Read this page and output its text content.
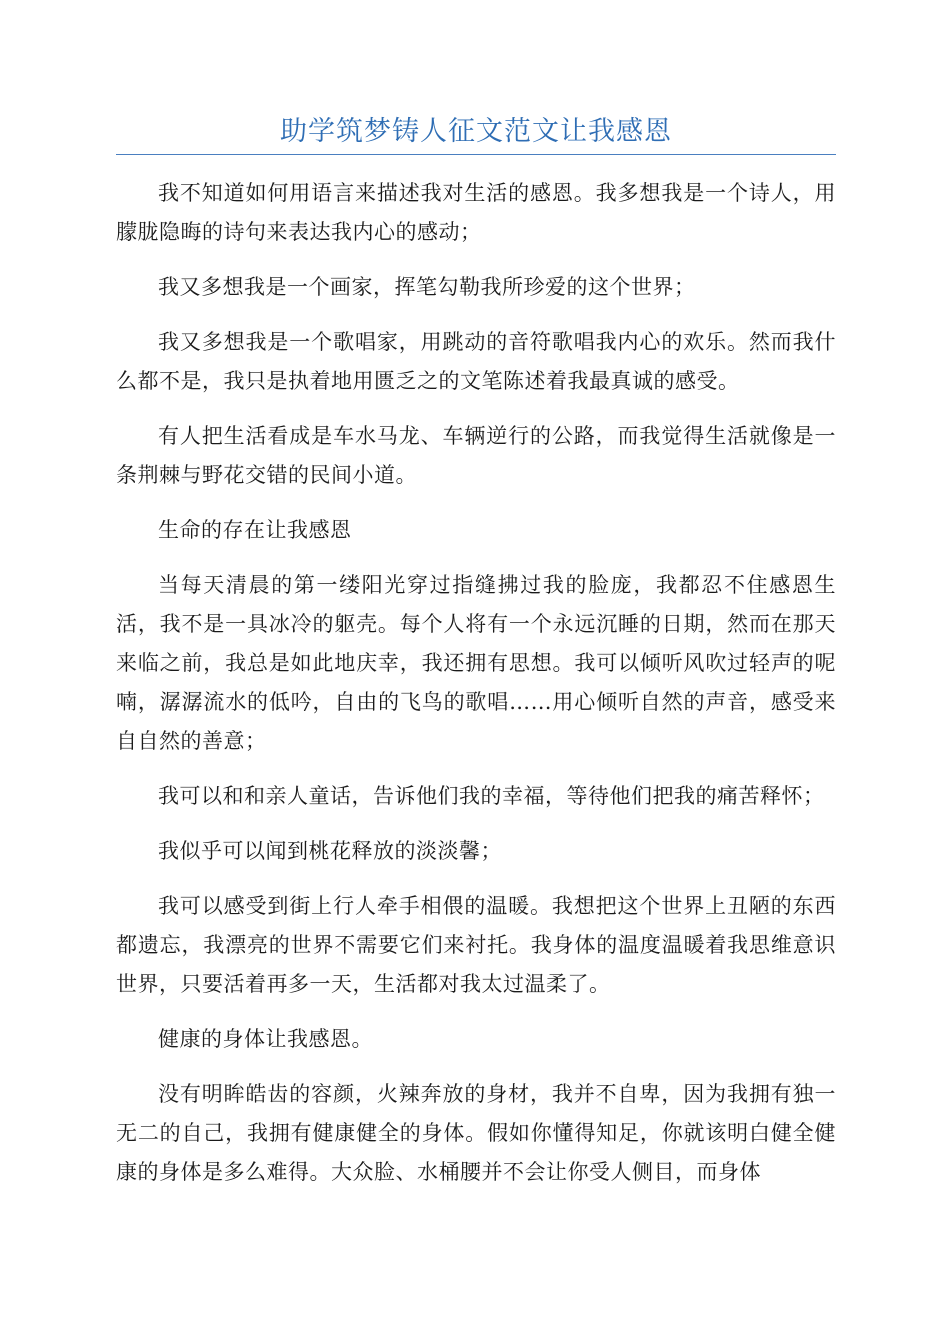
助学筑梦铸人征文范文让我感恩

我不知道如何用语言来描述我对生活的感恩。我多想我是一个诗人，用朦胧隐晦的诗句来表达我内心的感动；

我又多想我是一个画家，挥笔勾勒我所珍爱的这个世界；

我又多想我是一个歌唱家，用跳动的音符歌唱我内心的欢乐。然而我什么都不是，我只是执着地用匮乏之的文笔陈述着我最真诚的感受。

有人把生活看成是车水马龙、车辆逆行的公路，而我觉得生活就像是一条荆棘与野花交错的民间小道。

生命的存在让我感恩

当每天清晨的第一缕阳光穿过指缝拂过我的脸庞，我都忍不住感恩生活，我不是一具冰冷的躯壳。每个人将有一个永远沉睡的日期，然而在那天来临之前，我总是如此地庆幸，我还拥有思想。我可以倾听风吹过轻声的呢喃，潺潺流水的低吟，自由的飞鸟的歌唱……用心倾听自然的声音，感受来自自然的善意；

我可以和和亲人童话，告诉他们我的幸福，等待他们把我的痛苦释怀；

我似乎可以闻到桃花释放的淡淡馨；

我可以感受到街上行人牵手相偎的温暖。我想把这个世界上丑陋的东西都遗忘，我漂亮的世界不需要它们来衬托。我身体的温度温暖着我思维意识世界，只要活着再多一天，生活都对我太过温柔了。

健康的身体让我感恩。

没有明眸皓齿的容颜，火辣奔放的身材，我并不自卑，因为我拥有独一无二的自己，我拥有健康健全的身体。假如你懂得知足，你就该明白健全健康的身体是多么难得。大众脸、水桶腰并不会让你受人侧目，而身体
